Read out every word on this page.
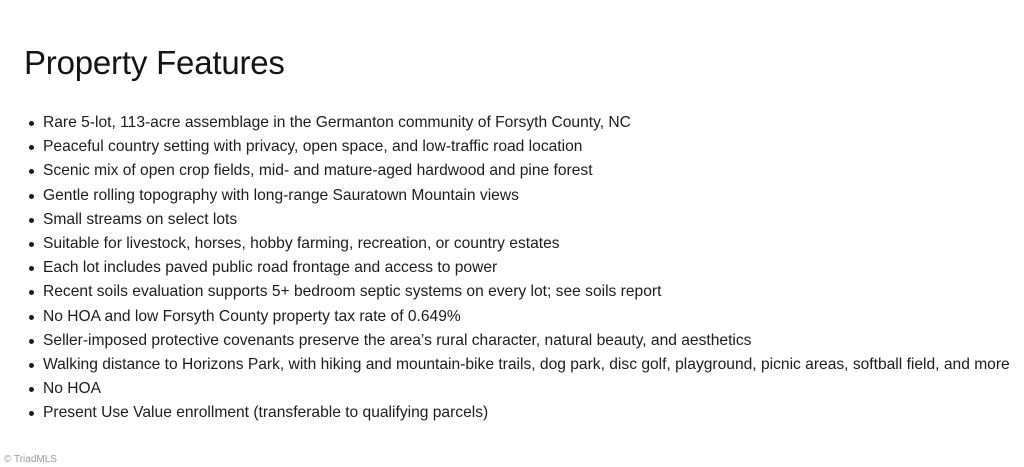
Property Features
Rare 5-lot, 113-acre assemblage in the Germanton community of Forsyth County, NC
Peaceful country setting with privacy, open space, and low-traffic road location
Scenic mix of open crop fields, mid- and mature-aged hardwood and pine forest
Gentle rolling topography with long-range Sauratown Mountain views
Small streams on select lots
Suitable for livestock, horses, hobby farming, recreation, or country estates
Each lot includes paved public road frontage and access to power
Recent soils evaluation supports 5+ bedroom septic systems on every lot; see soils report
No HOA and low Forsyth County property tax rate of 0.649%
Seller-imposed protective covenants preserve the area’s rural character, natural beauty, and aesthetics
Walking distance to Horizons Park, with hiking and mountain-bike trails, dog park, disc golf, playground, picnic areas, softball field, and more
No HOA
Present Use Value enrollment (transferable to qualifying parcels)
© TriadMLS
